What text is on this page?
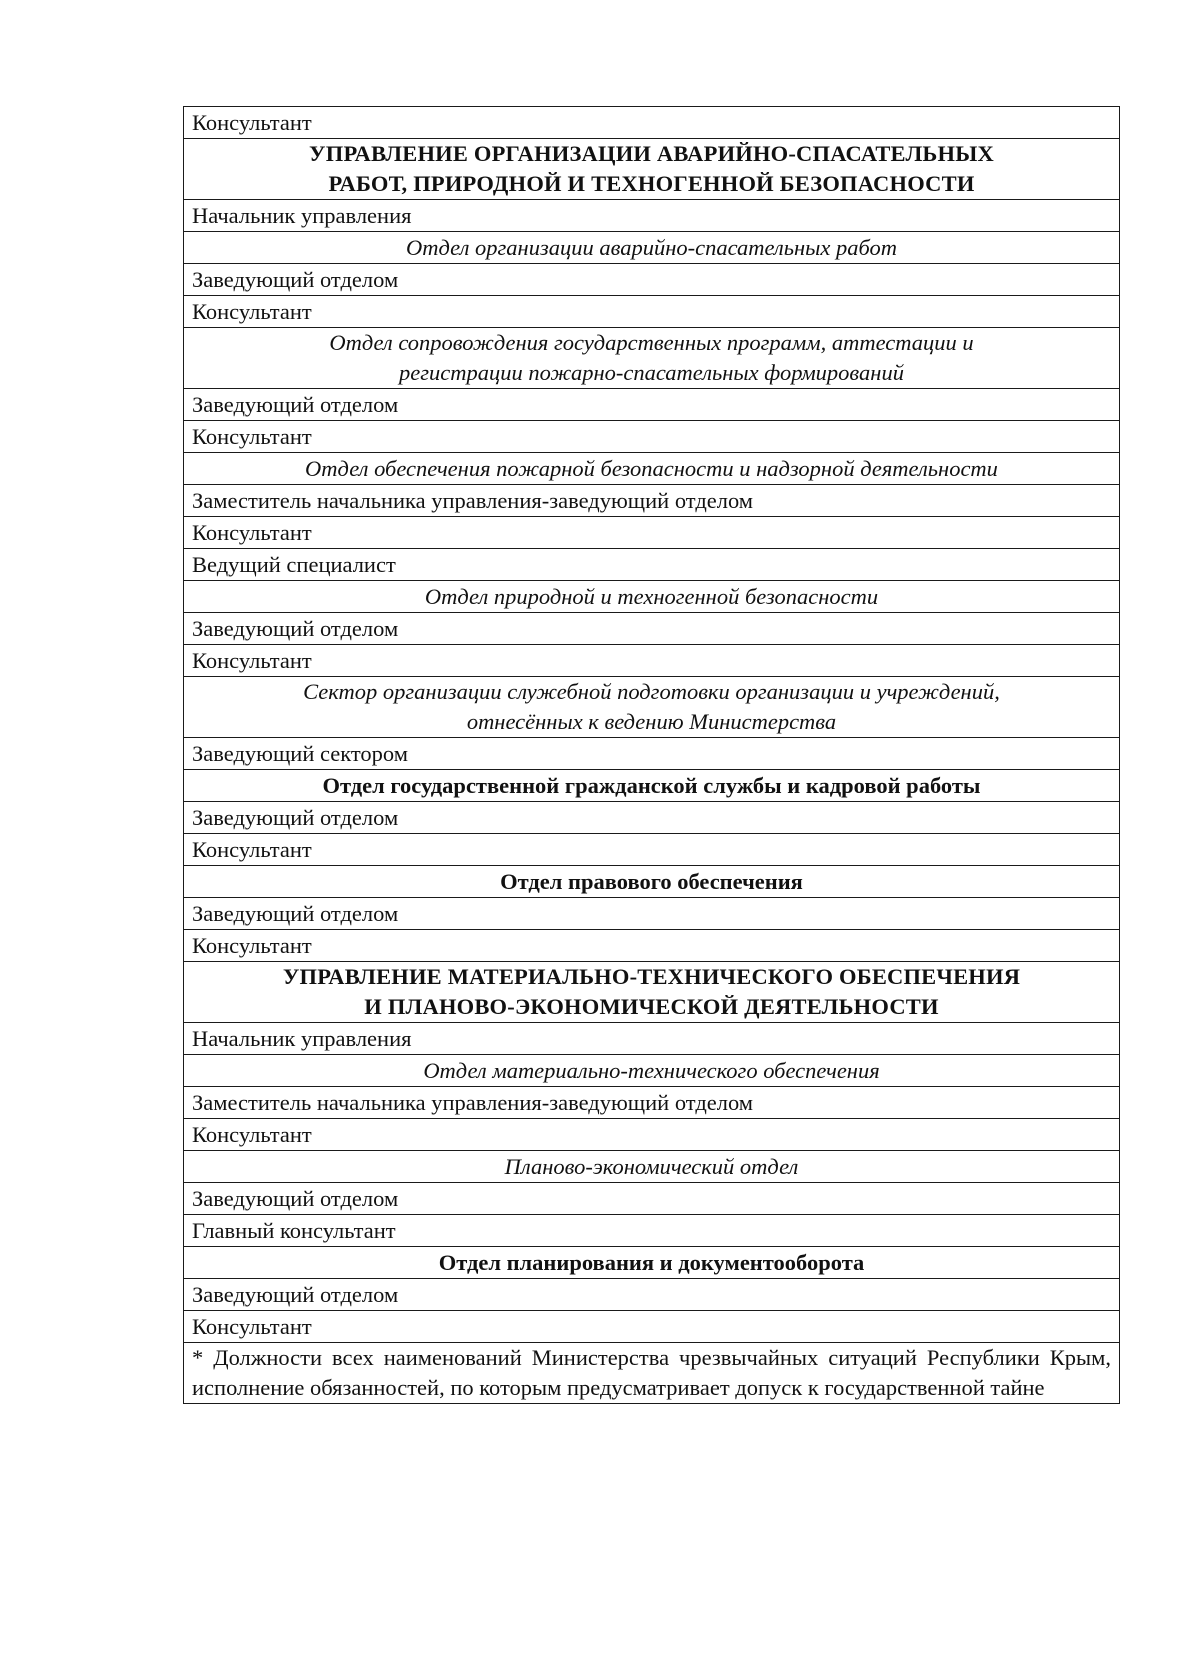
Консультант

УПРАВЛЕНИЕ ОРГАНИЗАЦИИ АВАРИЙНО-СПАСАТЕЛЬНЫХ
РАБОТ, ПРИРОДНОЙ И ТЕХНОГЕННОЙ БЕЗОПАСНОСТИ

Начальник управления

Отдел организации аварийно-спасательных работ

Заведующий отделом
Консультант

Отдел сопровождения государственных программ, аттестации и
регистрации пожарно-спасательных формирований

Заведующий отделом
Консультант

Отдел обеспечения пожарной безопасности и надзорной деятельности

Заместитель начальника управления-заведующий отделом
Консультант
Ведущий специалист

Отдел природной и техногенной безопасности

Заведующий отделом
Консультант

Сектор организации служебной подготовки организации и учреждений,
отнесённых к ведению Министерства

Заведующий сектором

Отдел государственной гражданской службы и кадровой работы

Заведующий отделом
Консультант

Отдел правового обеспечения

Заведующий отделом
Консультант

УПРАВЛЕНИЕ МАТЕРИАЛЬНО-ТЕХНИЧЕСКОГО ОБЕСПЕЧЕНИЯ
И ПЛАНОВО-ЭКОНОМИЧЕСКОЙ ДЕЯТЕЛЬНОСТИ

Начальник управления

Отдел материально-технического обеспечения

Заместитель начальника управления-заведующий отделом
Консультант

Планово-экономический отдел

Заведующий отделом
Главный консультант

Отдел планирования и документооборота

Заведующий отделом
Консультант
* Должности всех наименований Министерства чрезвычайных ситуаций Республики Крым, исполнение обязанностей, по которым предусматривает допуск к государственной тайне
